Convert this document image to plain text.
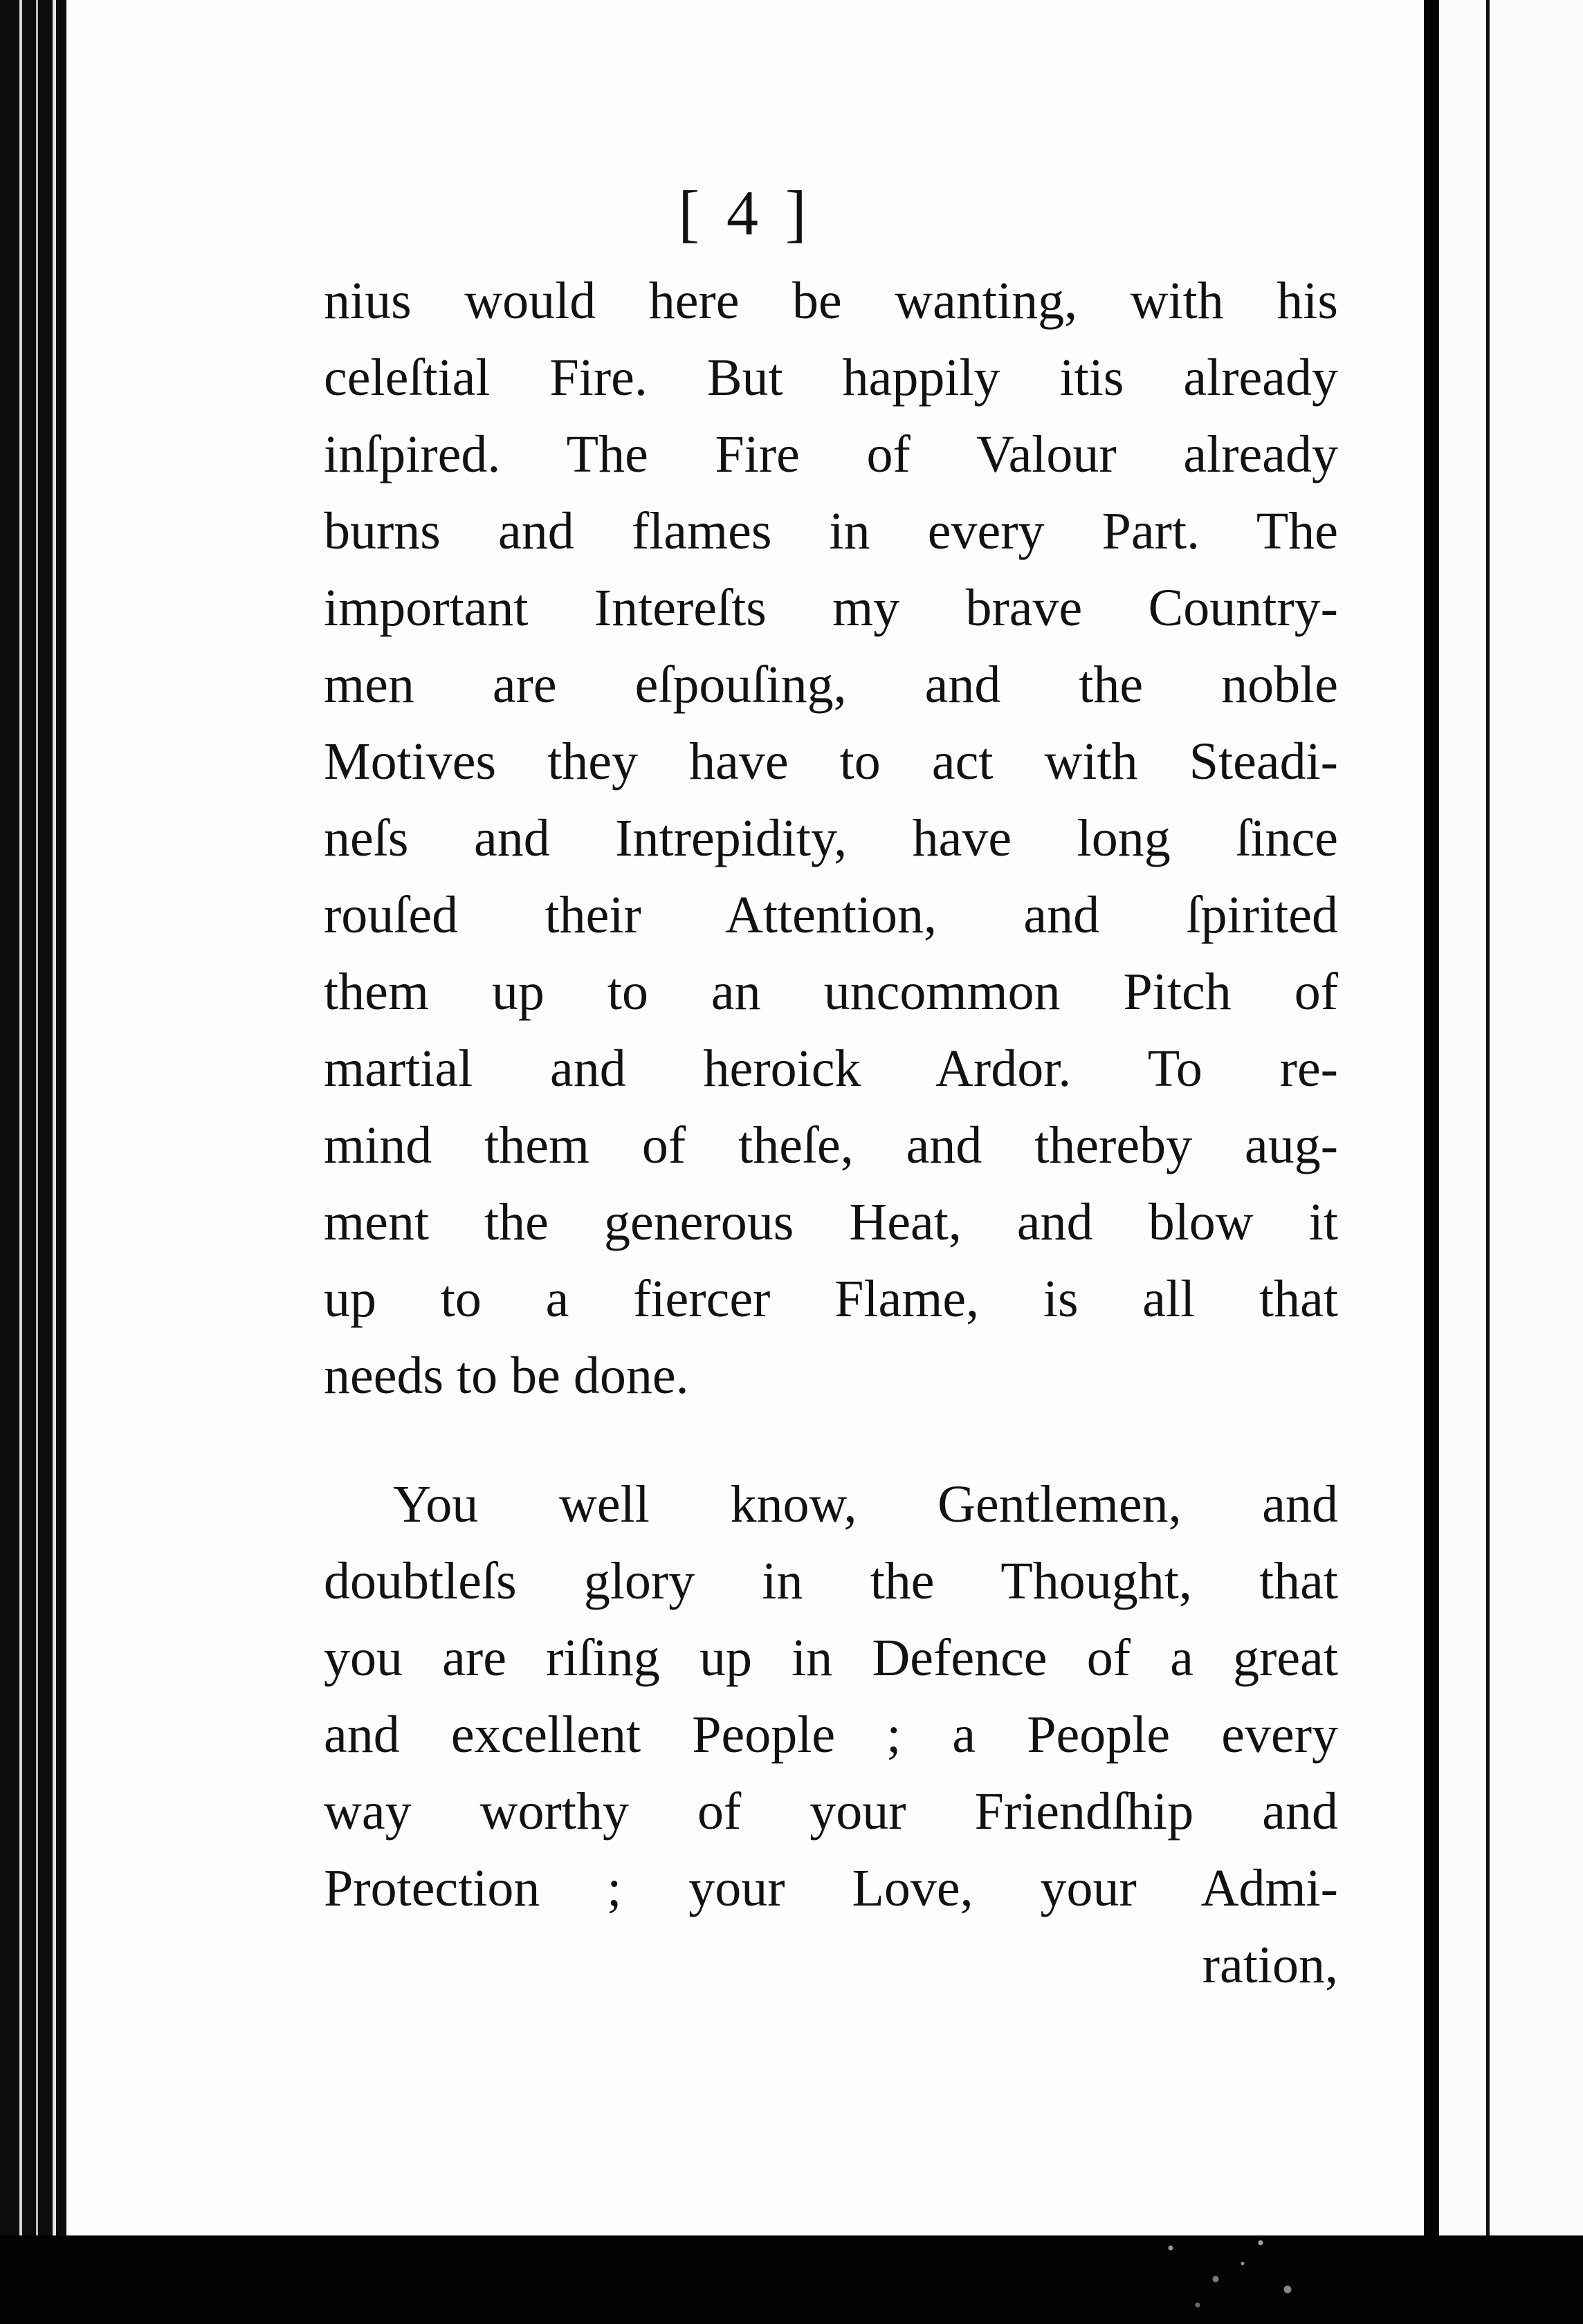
[ 4 ]
nius would here be wanting, with his
celeſtial Fire. But happily itis already
inſpired. The Fire of Valour already
burns and flames in every Part. The
important Intereſts my brave Country-
men are eſpouſing, and the noble
Motives they have to act with Steadi-
neſs and Intrepidity, have long ſince
rouſed their Attention, and ſpirited
them up to an uncommon Pitch of
martial and heroick Ardor. To re-
mind them of theſe, and thereby aug-
ment the generous Heat, and blow it
up to a fiercer Flame, is all that
needs to be done.
You well know, Gentlemen, and
doubtleſs glory in the Thought, that
you are riſing up in Defence of a great
and excellent People ; a People every
way worthy of your Friendſhip and
Protection ; your Love, your Admi-
ration,
